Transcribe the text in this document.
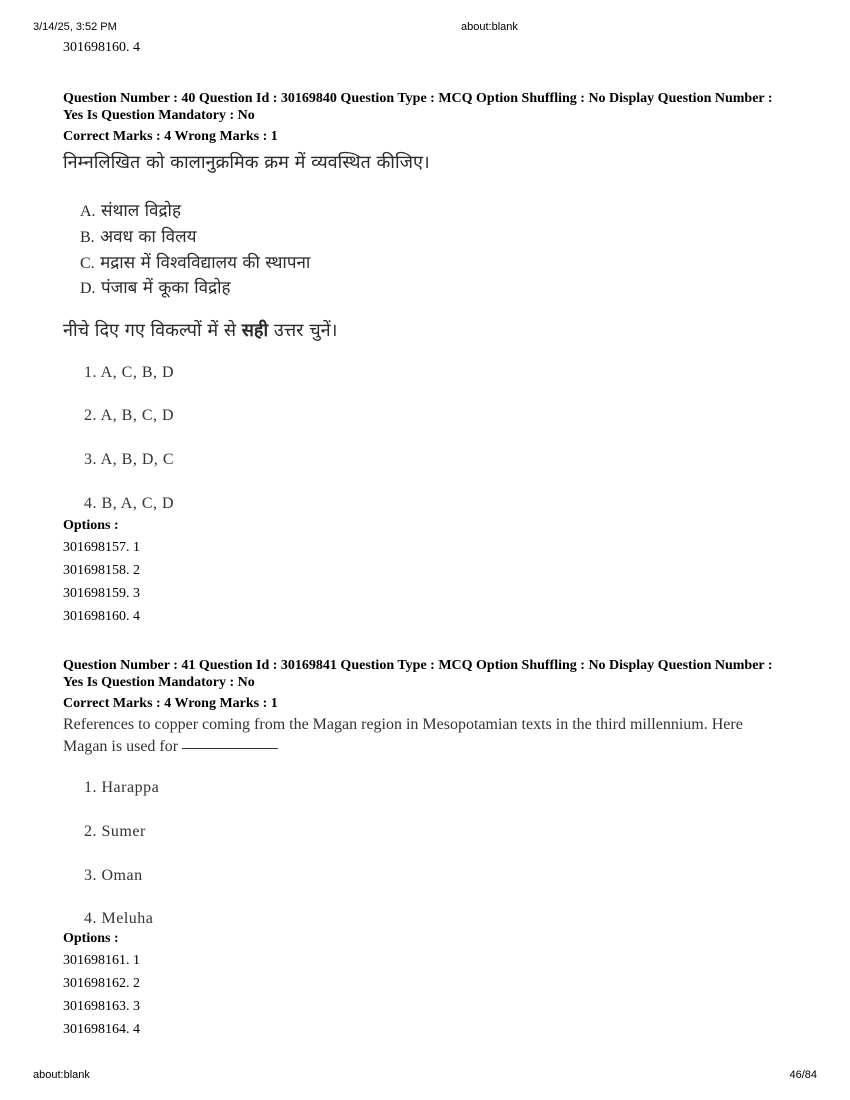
3/14/25, 3:52 PM	about:blank
301698160. 4
Question Number : 40 Question Id : 30169840 Question Type : MCQ Option Shuffling : No Display Question Number : Yes Is Question Mandatory : No
Correct Marks : 4 Wrong Marks : 1
निम्नलिखित को कालानुक्रमिक क्रम में व्यवस्थित कीजिए।
A. संथाल विद्रोह
B. अवध का विलय
C. मद्रास में विश्वविद्यालय की स्थापना
D. पंजाब में कूका विद्रोह
नीचे दिए गए विकल्पों में से सही उत्तर चुनें।
1. A, C, B, D
2. A, B, C, D
3. A, B, D, C
4. B, A, C, D
Options :
301698157. 1
301698158. 2
301698159. 3
301698160. 4
Question Number : 41 Question Id : 30169841 Question Type : MCQ Option Shuffling : No Display Question Number : Yes Is Question Mandatory : No
Correct Marks : 4 Wrong Marks : 1
References to copper coming from the Magan region in Mesopotamian texts in the third millennium. Here Magan is used for
1. Harappa
2. Sumer
3. Oman
4. Meluha
Options :
301698161. 1
301698162. 2
301698163. 3
301698164. 4
about:blank	46/84
